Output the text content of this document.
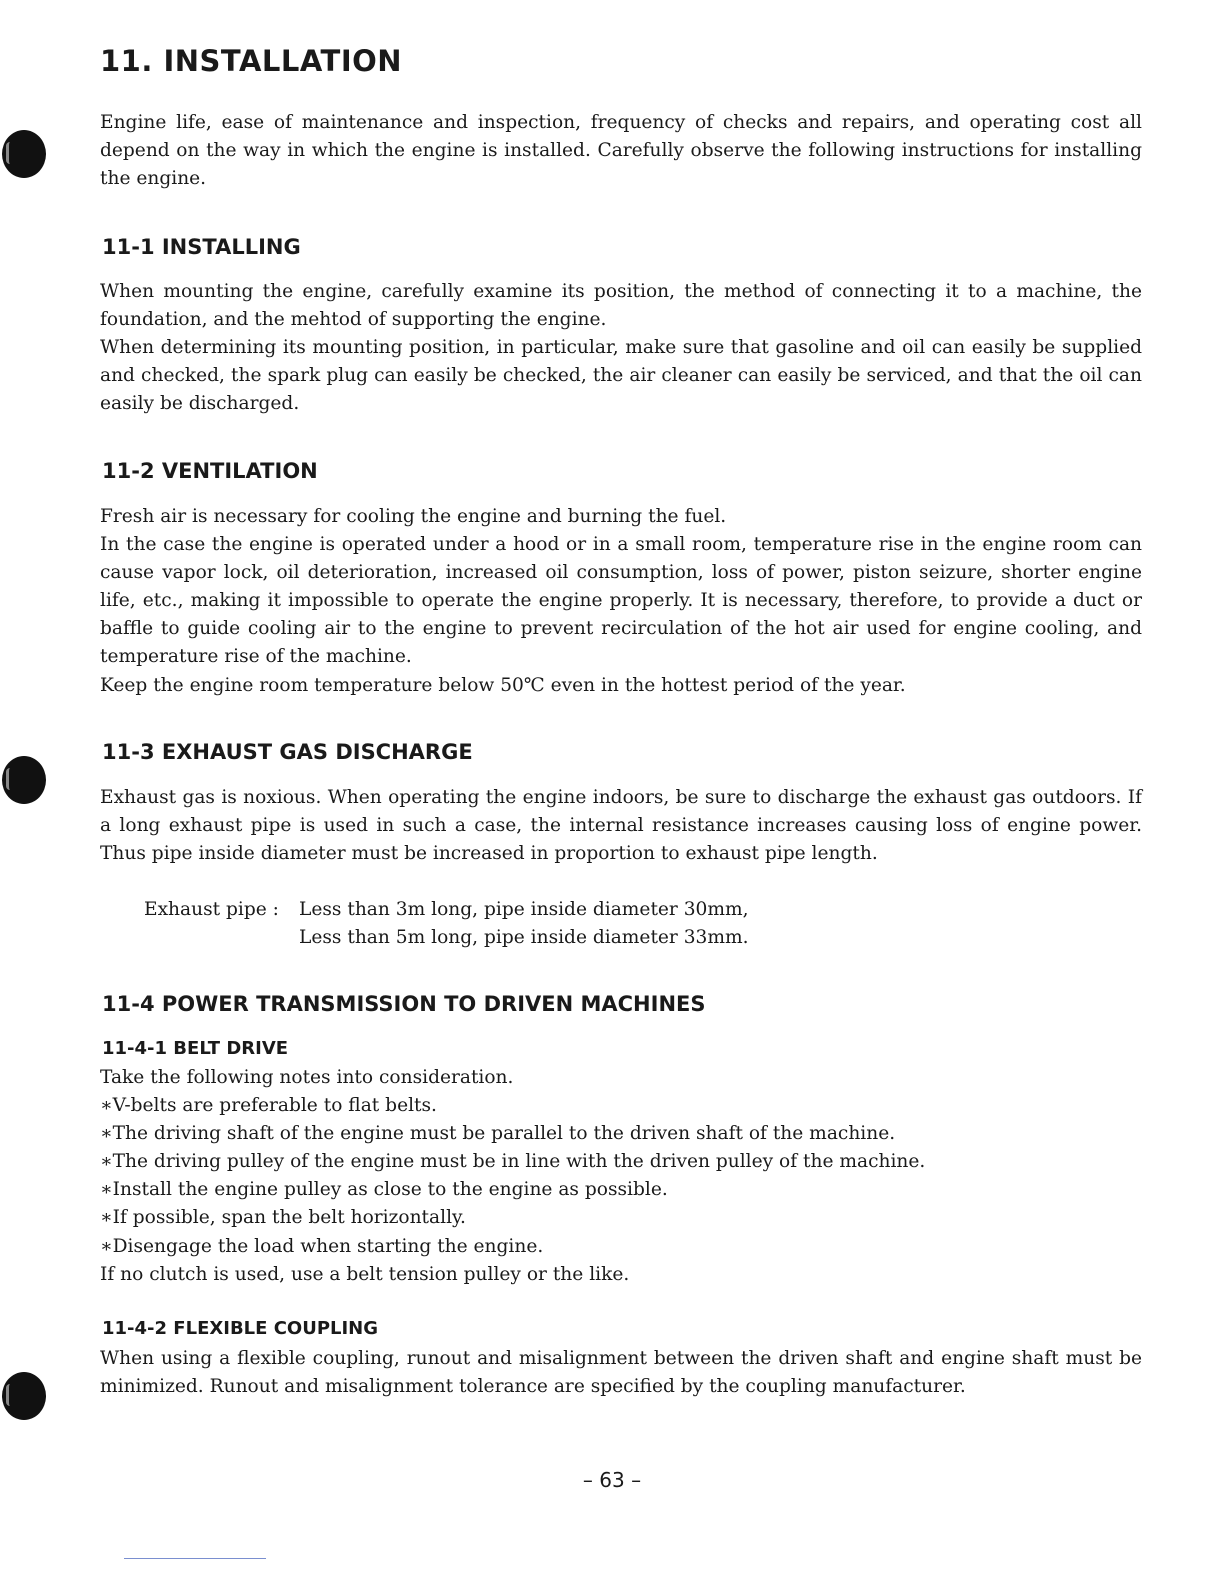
11. INSTALLATION
Engine life, ease of maintenance and inspection, frequency of checks and repairs, and operating cost all depend on the way in which the engine is installed. Carefully observe the following instructions for installing the engine.
11-1 INSTALLING

When mounting the engine, carefully examine its position, the method of connecting it to a machine, the foundation, and the mehtod of supporting the engine.

When determining its mounting position, in particular, make sure that gasoline and oil can easily be supplied and checked, the spark plug can easily be checked, the air cleaner can easily be serviced, and that the oil can easily be discharged.

11-2 VENTILATION

Fresh air is necessary for cooling the engine and burning the fuel.

In the case the engine is operated under a hood or in a small room, temperature rise in the engine room can cause vapor lock, oil deterioration, increased oil consumption, loss of power, piston seizure, shorter engine life, etc., making it impossible to operate the engine properly. It is necessary, therefore, to provide a duct or baffle to guide cooling air to the engine to prevent recirculation of the hot air used for engine cooling, and temperature rise of the machine.

Keep the engine room temperature below 50℃ even in the hottest period of the year.

11-3 EXHAUST GAS DISCHARGE

Exhaust gas is noxious. When operating the engine indoors, be sure to discharge the exhaust gas outdoors. If a long exhaust pipe is used in such a case, the internal resistance increases causing loss of engine power. Thus pipe inside diameter must be increased in proportion to exhaust pipe length.

Exhaust pipe :	Less than 3m long, pipe inside diameter 30mm,
Less than 5m long, pipe inside diameter 33mm.
11-4 POWER TRANSMISSION TO DRIVEN MACHINES
11-4-1 BELT DRIVE
Take the following notes into consideration.
∗V-belts are preferable to flat belts.
∗The driving shaft of the engine must be parallel to the driven shaft of the machine.
∗The driving pulley of the engine must be in line with the driven pulley of the machine.
∗Install the engine pulley as close to the engine as possible.
∗If possible, span the belt horizontally.
∗Disengage the load when starting the engine.
If no clutch is used, use a belt tension pulley or the like.
11-4-2 FLEXIBLE COUPLING
When using a flexible coupling, runout and misalignment between the driven shaft and engine shaft must be minimized. Runout and misalignment tolerance are specified by the coupling manufacturer.
– 63 –
